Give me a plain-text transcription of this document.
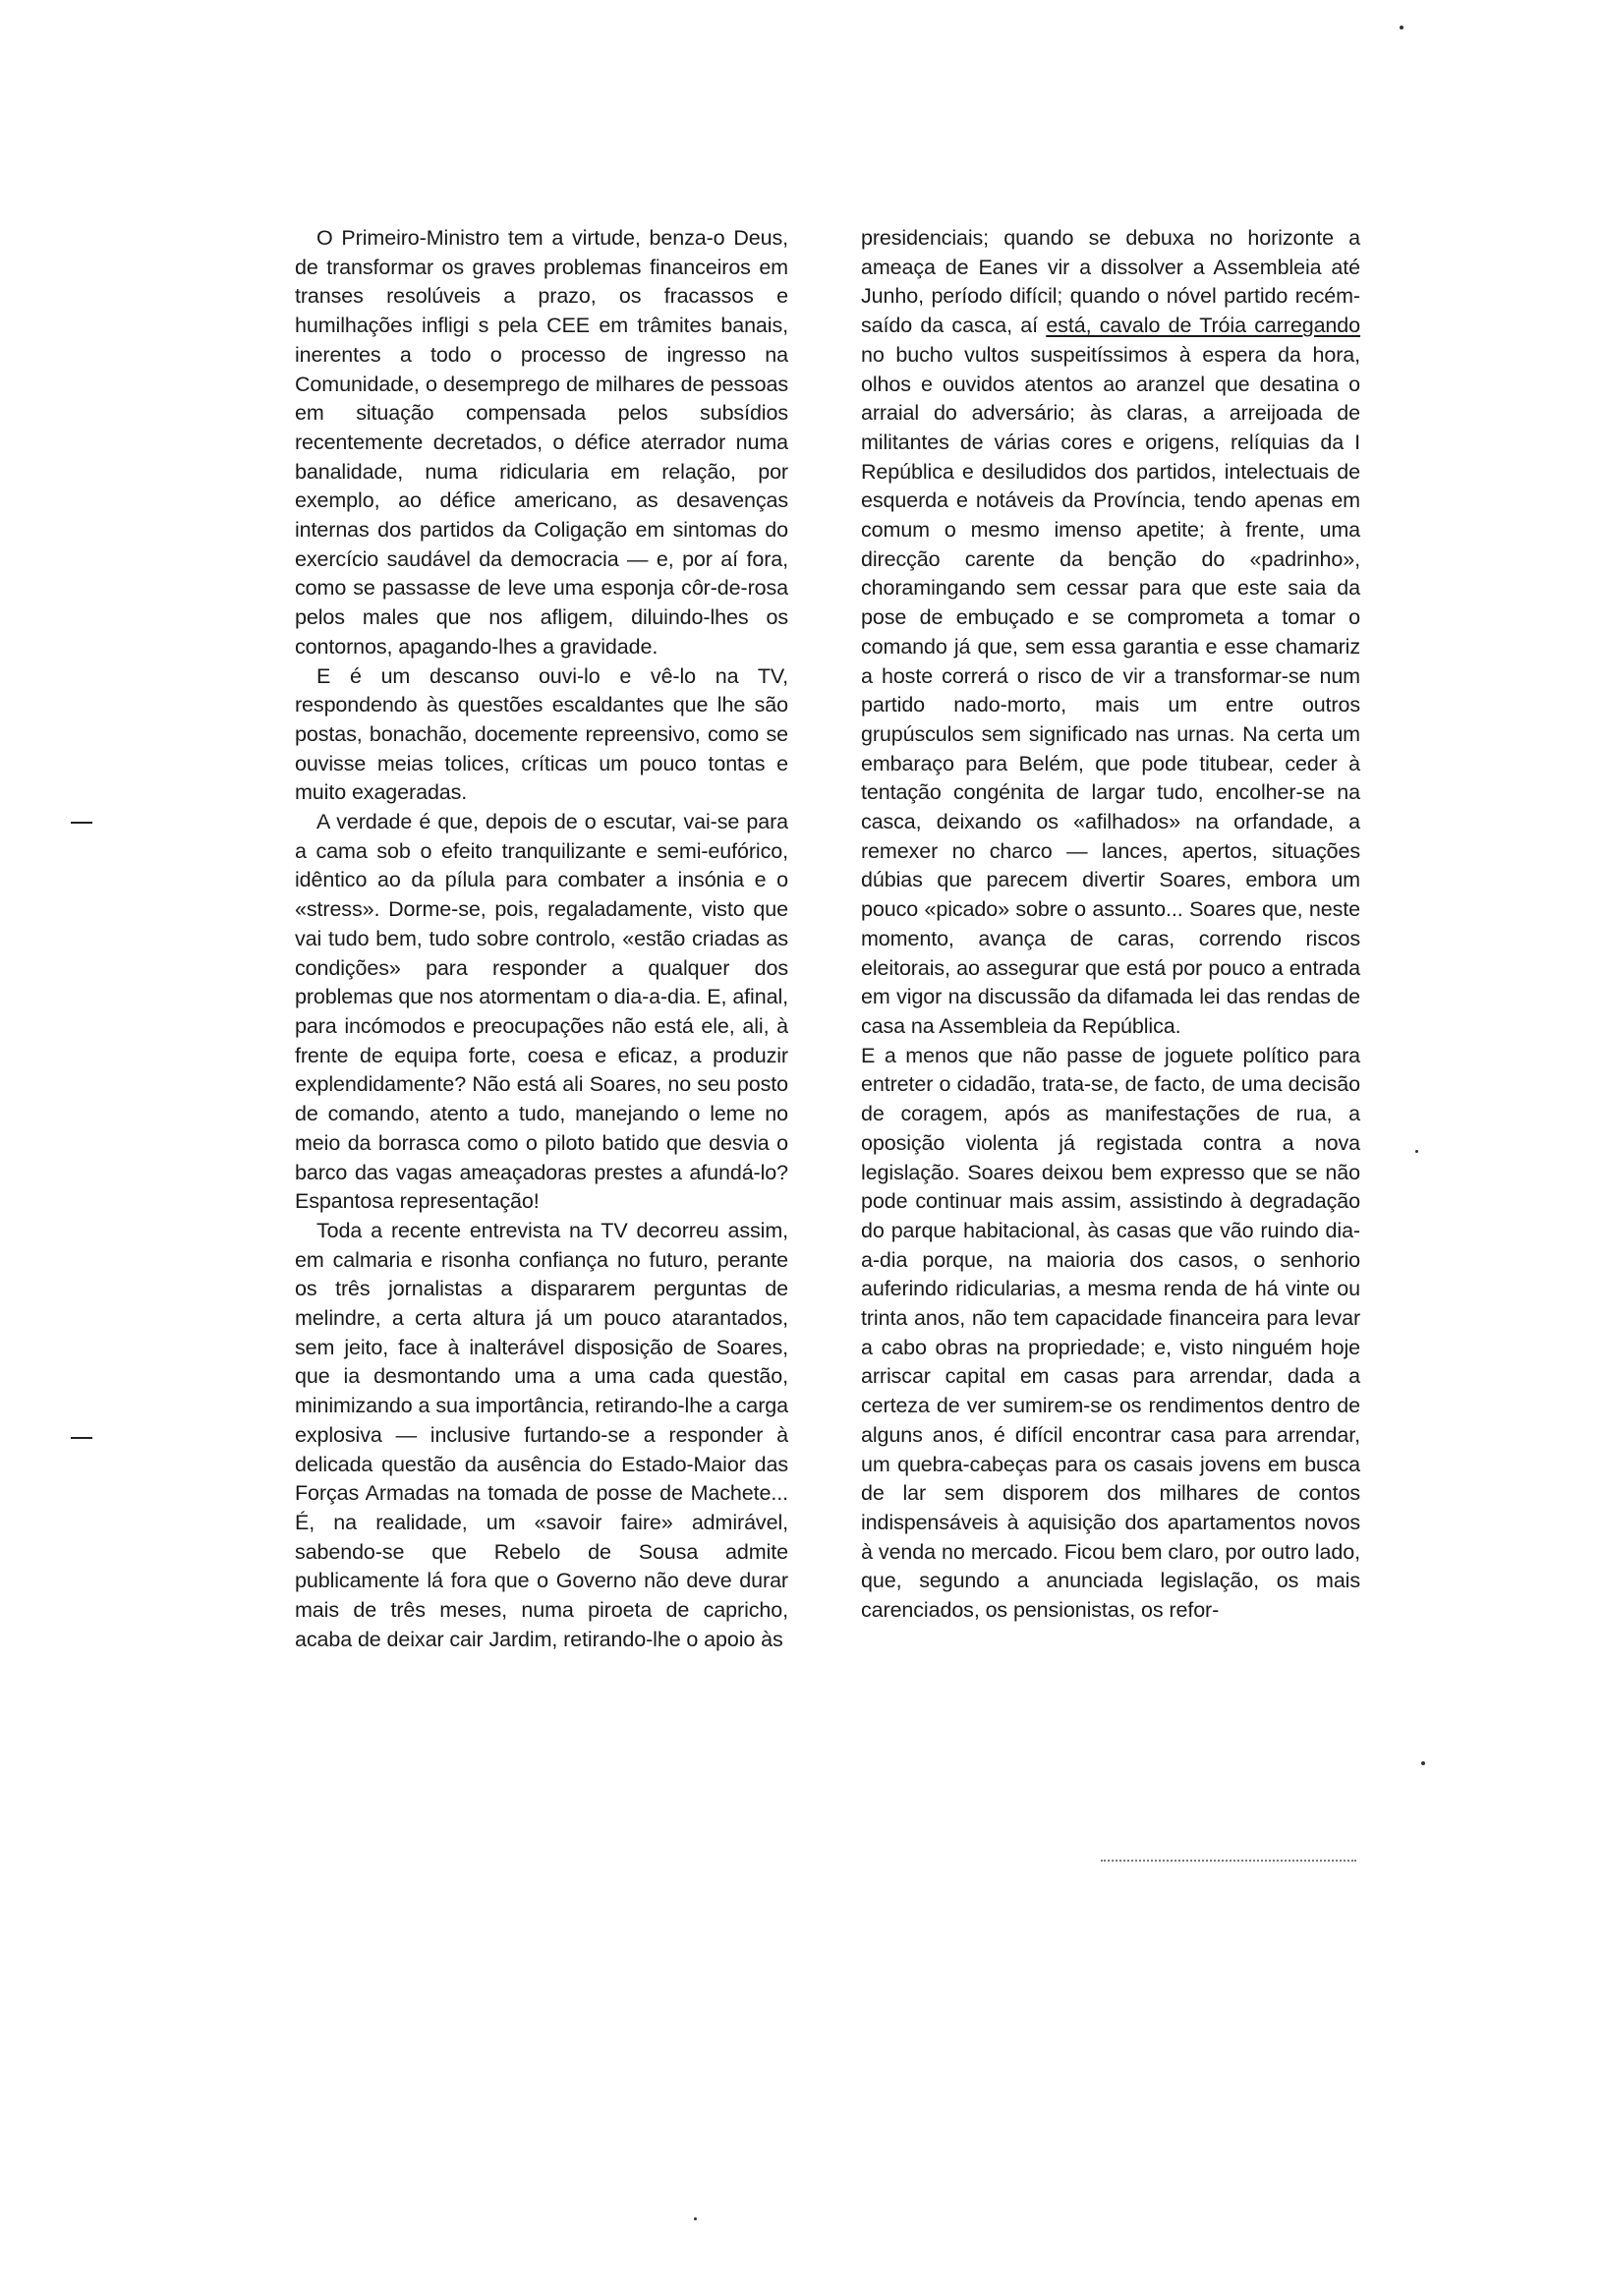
O Primeiro-Ministro tem a virtude, benza-o Deus, de transformar os graves problemas financeiros em transes resolúveis a prazo, os fracassos e humilhações infligi s pela CEE em trâmites banais, inerentes a todo o processo de ingresso na Comunidade, o desemprego de milhares de pessoas em situação compensada pelos subsídios recentemente decretados, o défice aterrador numa banalidade, numa ridicularia em relação, por exemplo, ao défice americano, as desavenças internas dos partidos da Coligação em sintomas do exercício saudável da democracia — e, por aí fora, como se passasse de leve uma esponja côr-de-rosa pelos males que nos afligem, diluindo-lhes os contornos, apagando-lhes a gravidade.

E é um descanso ouvi-lo e vê-lo na TV, respondendo às questões escaldantes que lhe são postas, bonachão, docemente repreensivo, como se ouvisse meias tolices, críticas um pouco tontas e muito exageradas.

A verdade é que, depois de o escutar, vai-se para a cama sob o efeito tranquilizante e semi-eufórico, idêntico ao da pílula para combater a insónia e o «stress». Dorme-se, pois, regaladamente, visto que vai tudo bem, tudo sobre controlo, «estão criadas as condições» para responder a qualquer dos problemas que nos atormentam o dia-a-dia. E, afinal, para incómodos e preocupações não está ele, ali, à frente de equipa forte, coesa e eficaz, a produzir explendidamente? Não está ali Soares, no seu posto de comando, atento a tudo, manejando o leme no meio da borrasca como o piloto batido que desvia o barco das vagas ameaçadoras prestes a afundá-lo? Espantosa representação!

Toda a recente entrevista na TV decorreu assim, em calmaria e risonha confiança no futuro, perante os três jornalistas a dispararem perguntas de melindre, a certa altura já um pouco atarantados, sem jeito, face à inalterável disposição de Soares, que ia desmontando uma a uma cada questão, minimizando a sua importância, retirando-lhe a carga explosiva — inclusive furtando-se a responder à delicada questão da ausência do Estado-Maior das Forças Armadas na tomada de posse de Machete... É, na realidade, um «savoir faire» admirável, sabendo-se que Rebelo de Sousa admite publicamente lá fora que o Governo não deve durar mais de três meses, numa piroeta de capricho, acaba de deixar cair Jardim, retirando-lhe o apoio às

presidenciais; quando se debuxa no horizonte a ameaça de Eanes vir a dissolver a Assembleia até Junho, período difícil; quando o nóvel partido recém-saído da casca, aí está, cavalo de Tróia carregando no bucho vultos suspeitíssimos à espera da hora, olhos e ouvidos atentos ao aranzel que desatina o arraial do adversário; às claras, a arreijoada de militantes de várias cores e origens, relíquias da I República e desiludidos dos partidos, intelectuais de esquerda e notáveis da Província, tendo apenas em comum o mesmo imenso apetite; à frente, uma direcção carente da benção do «padrinho», choramingando sem cessar para que este saia da pose de embuçado e se comprometa a tomar o comando já que, sem essa garantia e esse chamariz a hoste correrá o risco de vir a transformar-se num partido nado-morto, mais um entre outros grupúsculos sem significado nas urnas. Na certa um embaraço para Belém, que pode titubear, ceder à tentação congénita de largar tudo, encolher-se na casca, deixando os «afilhados» na orfandade, a remexer no charco — lances, apertos, situações dúbias que parecem divertir Soares, embora um pouco «picado» sobre o assunto... Soares que, neste momento, avança de caras, correndo riscos eleitorais, ao assegurar que está por pouco a entrada em vigor na discussão da difamada lei das rendas de casa na Assembleia da República.

E a menos que não passe de joguete político para entreter o cidadão, trata-se, de facto, de uma decisão de coragem, após as manifestações de rua, a oposição violenta já registada contra a nova legislação. Soares deixou bem expresso que se não pode continuar mais assim, assistindo à degradação do parque habitacional, às casas que vão ruindo dia-a-dia porque, na maioria dos casos, o senhorio auferindo ridicularias, a mesma renda de há vinte ou trinta anos, não tem capacidade financeira para levar a cabo obras na propriedade; e, visto ninguém hoje arriscar capital em casas para arrendar, dada a certeza de ver sumirem-se os rendimentos dentro de alguns anos, é difícil encontrar casa para arrendar, um quebra-cabeças para os casais jovens em busca de lar sem disporem dos milhares de contos indispensáveis à aquisição dos apartamentos novos à venda no mercado. Ficou bem claro, por outro lado, que, segundo a anunciada legislação, os mais carenciados, os pensionistas, os refor-
